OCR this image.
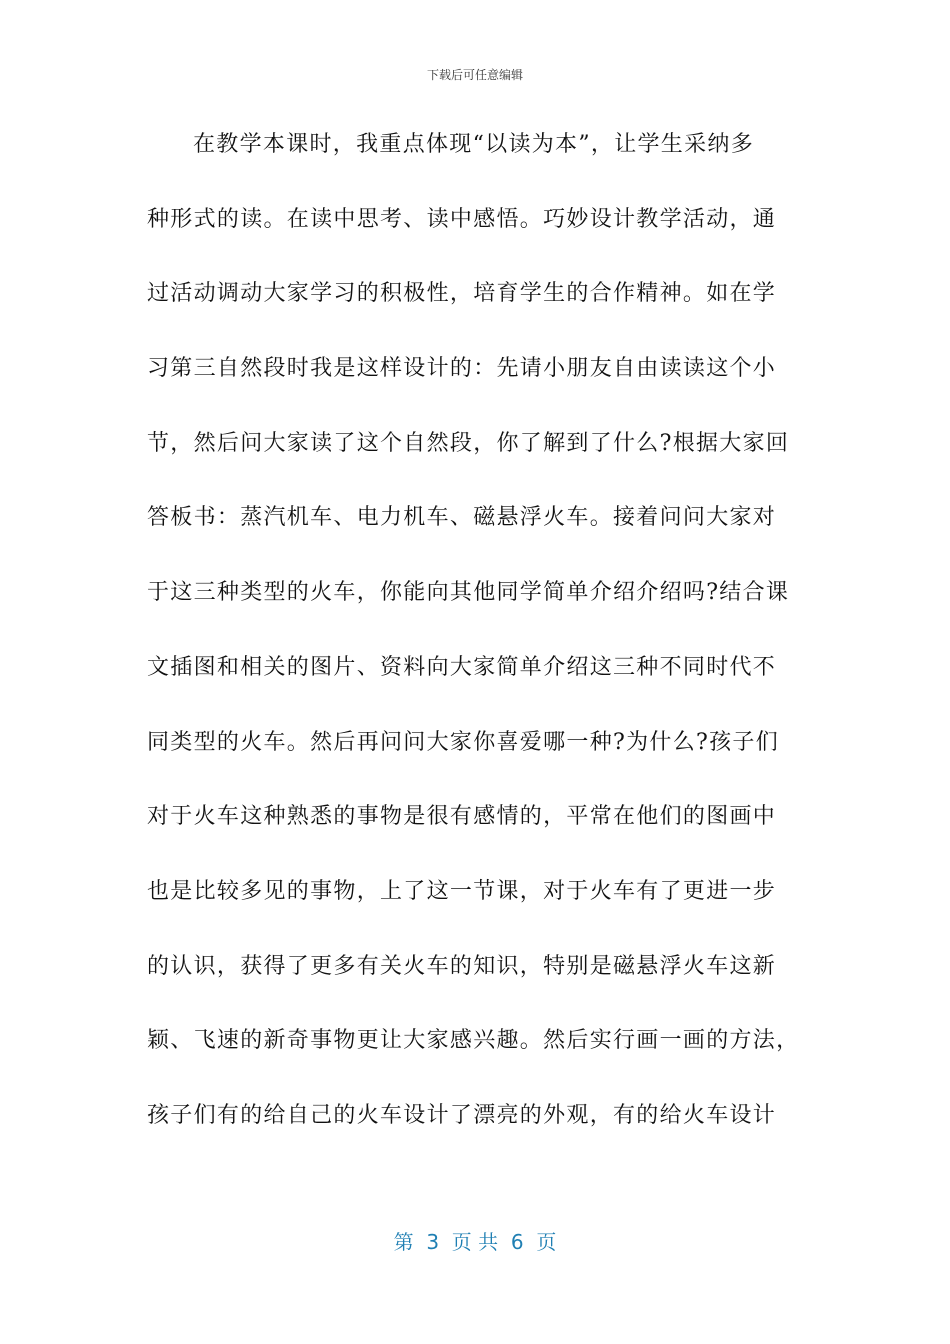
下载后可任意编辑
在教学本课时，我重点体现“以读为本”，让学生采纳多
种形式的读。在读中思考、读中感悟。巧妙设计教学活动，通
过活动调动大家学习的积极性，培育学生的合作精神。如在学
习第三自然段时我是这样设计的：先请小朋友自由读读这个小
节，然后问大家读了这个自然段，你了解到了什么?根据大家回
答板书：蒸汽机车、电力机车、磁悬浮火车。接着问问大家对
于这三种类型的火车，你能向其他同学简单介绍介绍吗?结合课
文插图和相关的图片、资料向大家简单介绍这三种不同时代不
同类型的火车。然后再问问大家你喜爱哪一种?为什么?孩子们
对于火车这种熟悉的事物是很有感情的，平常在他们的图画中
也是比较多见的事物，上了这一节课，对于火车有了更进一步
的认识，获得了更多有关火车的知识，特别是磁悬浮火车这新
颖、飞速的新奇事物更让大家感兴趣。然后实行画一画的方法，
孩子们有的给自己的火车设计了漂亮的外观，有的给火车设计
第  3  页 共  6  页
